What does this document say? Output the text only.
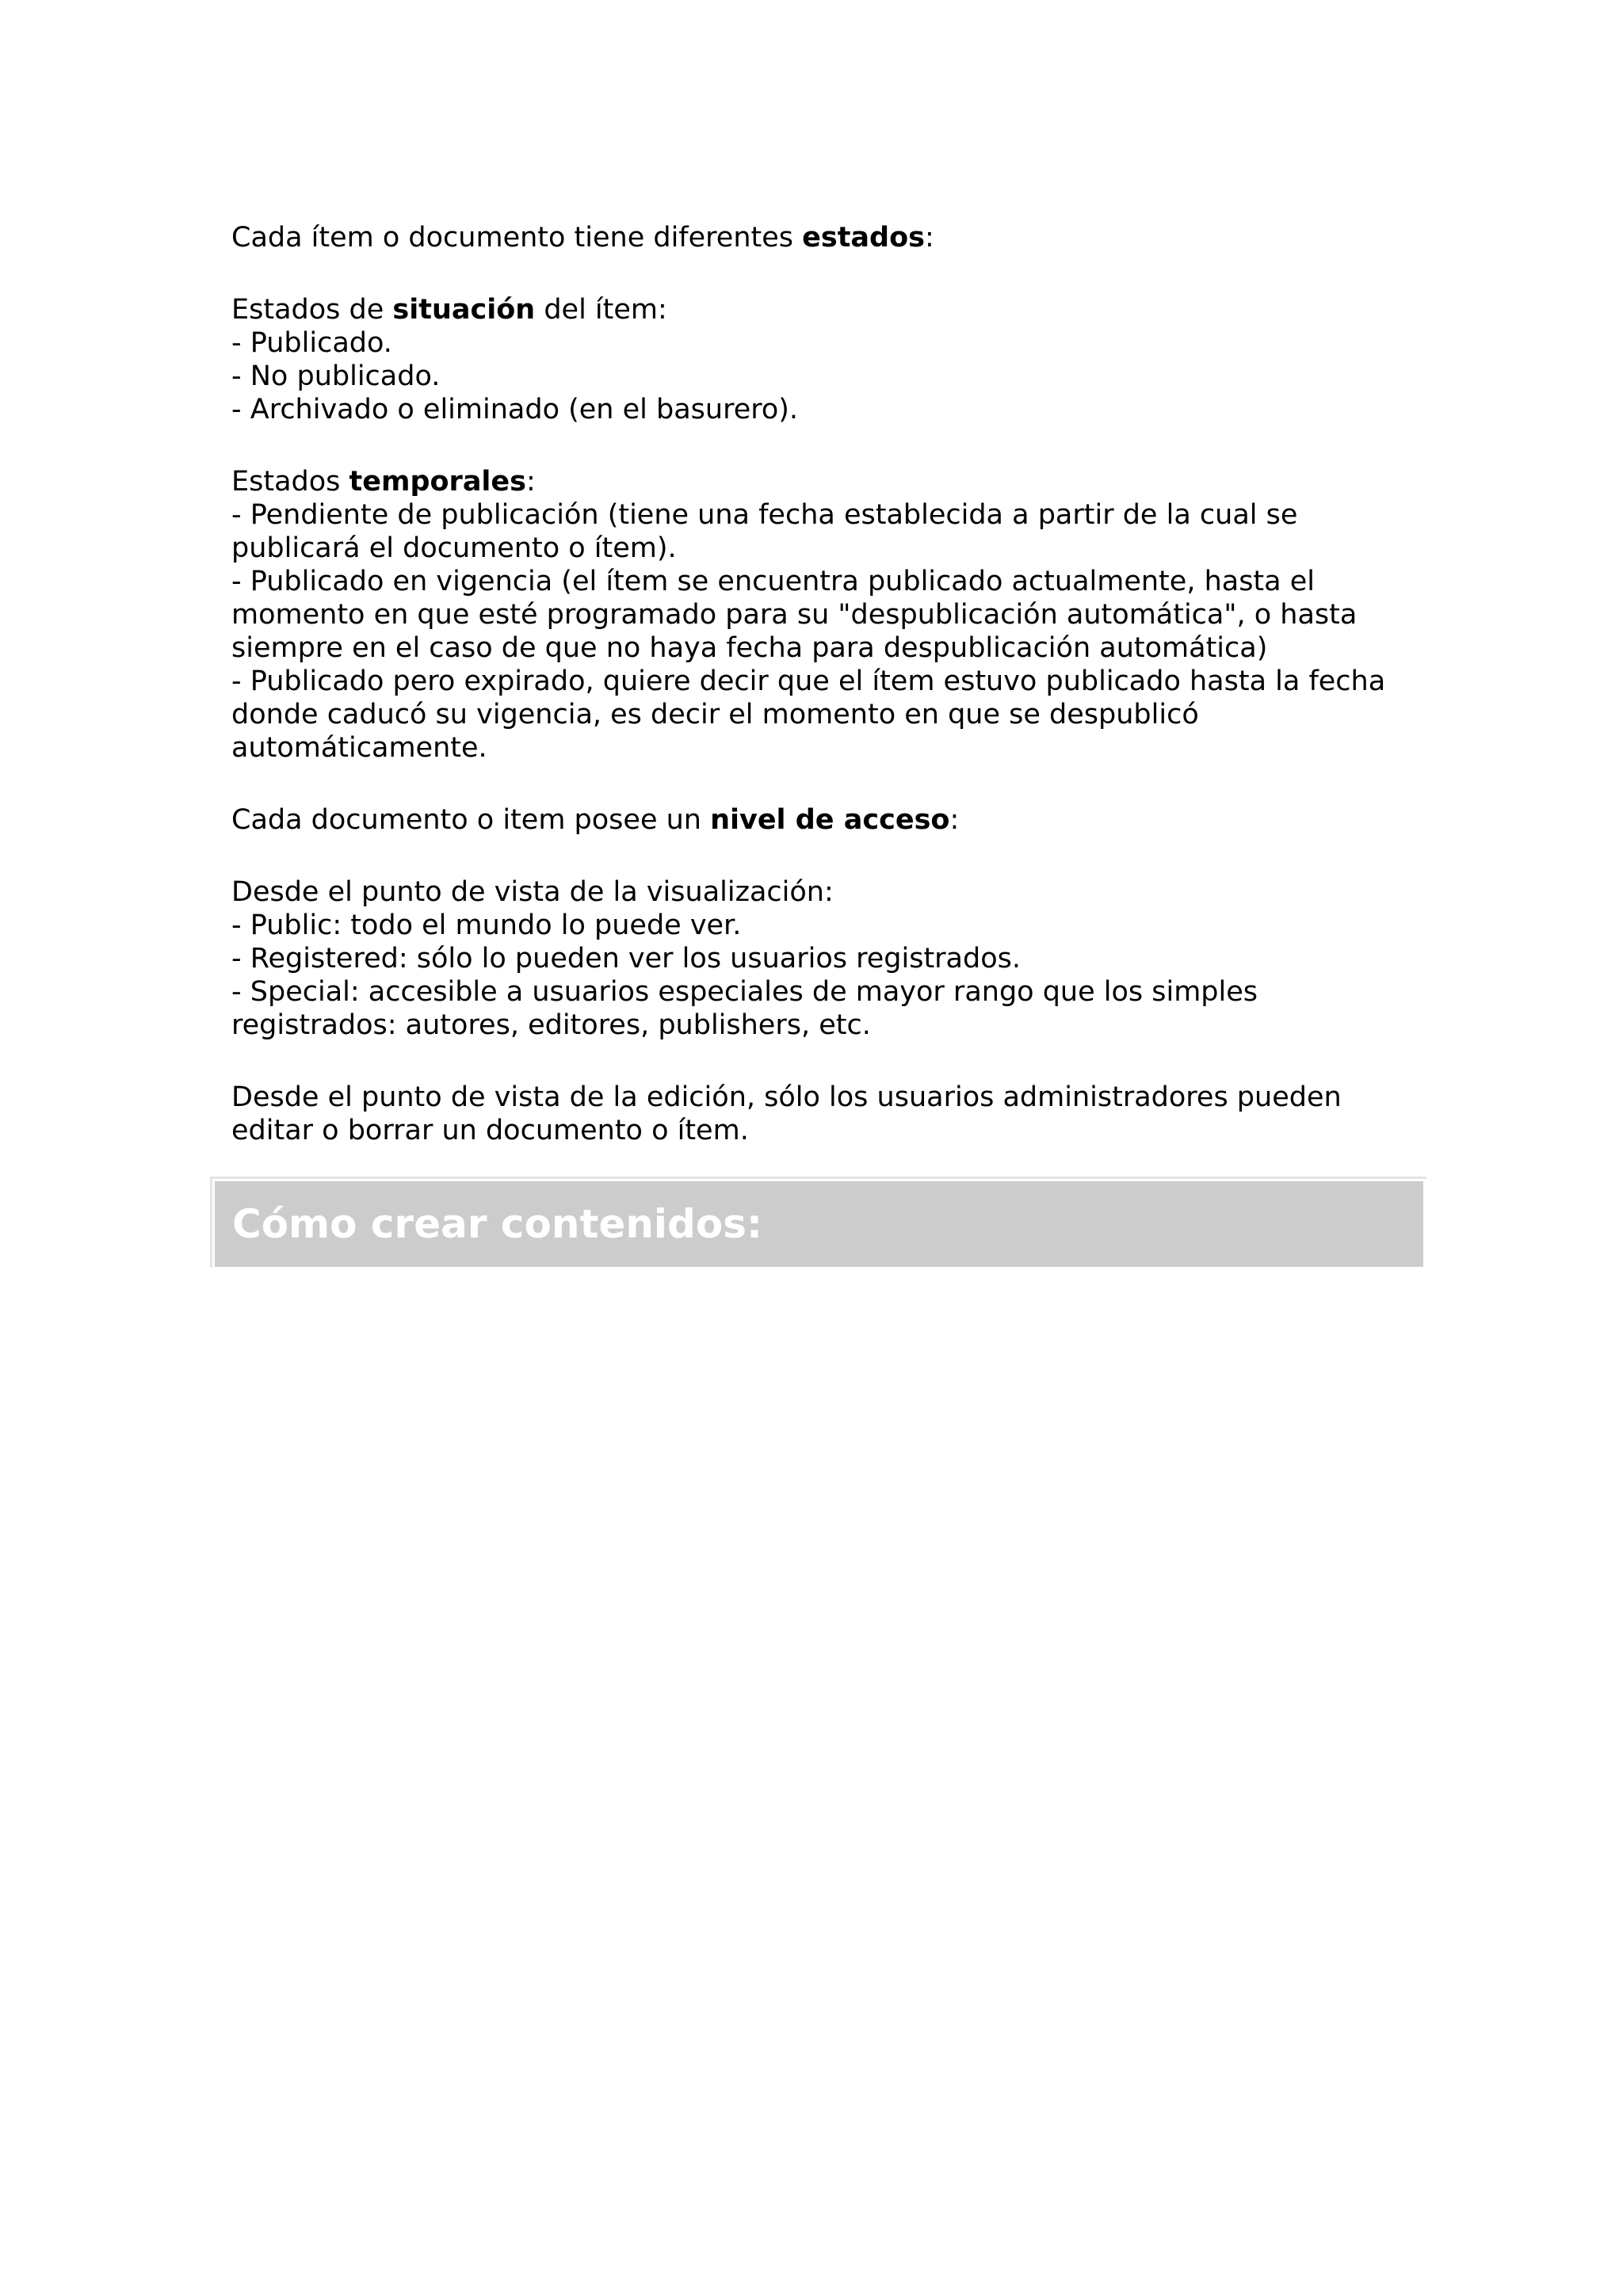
Cada ítem o documento tiene diferentes estados:

Estados de situación del ítem:
- Publicado.
- No publicado.
- Archivado o eliminado (en el basurero).

Estados temporales:
- Pendiente de publicación (tiene una fecha establecida a partir de la cual se
publicará el documento o ítem).
- Publicado en vigencia (el ítem se encuentra publicado actualmente, hasta el
momento en que esté programado para su "despublicación automática", o hasta
siempre en el caso de que no haya fecha para despublicación automática)
- Publicado pero expirado, quiere decir que el ítem estuvo publicado hasta la fecha
donde caducó su vigencia, es decir el momento en que se despublicó
automáticamente.

Cada documento o item posee un nivel de acceso:

Desde el punto de vista de la visualización:
- Public: todo el mundo lo puede ver.
- Registered: sólo lo pueden ver los usuarios registrados.
- Special: accesible a usuarios especiales de mayor rango que los simples
registrados: autores, editores, publishers, etc.

Desde el punto de vista de la edición, sólo los usuarios administradores pueden
editar o borrar un documento o ítem.

Cómo crear contenidos:
